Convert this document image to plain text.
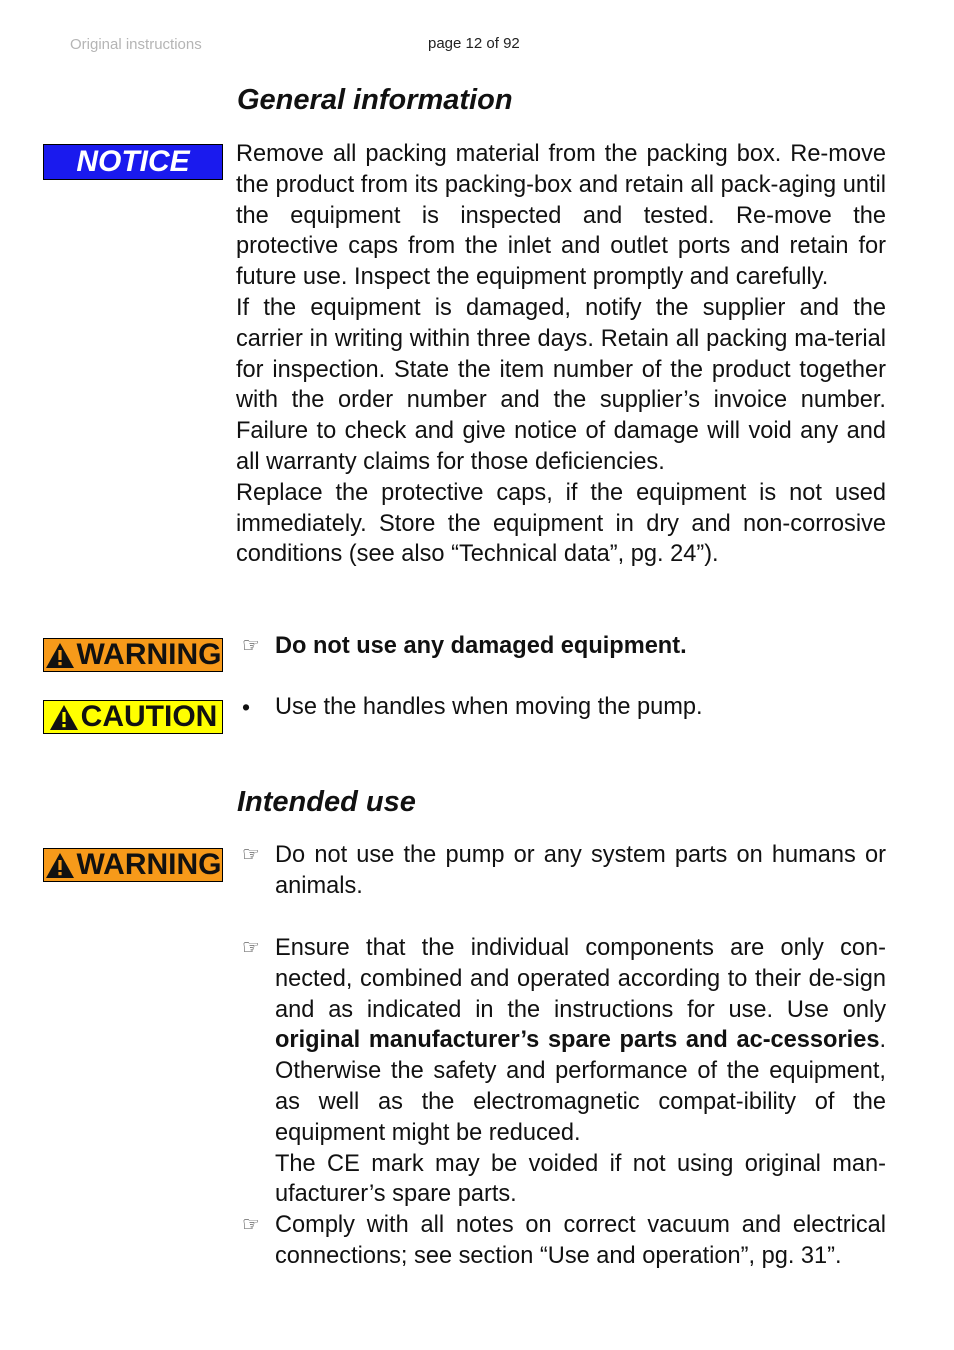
Original instructions	page 12 of 92
General information
NOTICE Remove all packing material from the packing box. Re-move the product from its packing-box and retain all pack-aging until the equipment is inspected and tested. Re-move the protective caps from the inlet and outlet ports and retain for future use. Inspect the equipment promptly and carefully.

If the equipment is damaged, notify the supplier and the carrier in writing within three days. Retain all packing ma-terial for inspection. State the item number of the product together with the order number and the supplier’s invoice number. Failure to check and give notice of damage will void any and all warranty claims for those deficiencies.

Replace the protective caps, if the equipment is not used immediately. Store the equipment in dry and non-corrosive conditions (see also “Technical data”, pg. 24”).

WARNING ☞ Do not use any damaged equipment.
CAUTION •	Use the handles when moving the pump.
Intended use
WARNING ☞ Do not use the pump or any system parts on humans or animals.
☞ Ensure that the individual components are only con-nected, combined and operated according to their de-sign and as indicated in the instructions for use. Use only original manufacturer’s spare parts and ac-cessories. Otherwise the safety and performance of the equipment, as well as the electromagnetic compat-ibility of the equipment might be reduced.

The CE mark may be voided if not using original man-ufacturer’s spare parts.

☞ Comply with all notes on correct vacuum and electrical connections; see section “Use and operation”, pg. 31”.
